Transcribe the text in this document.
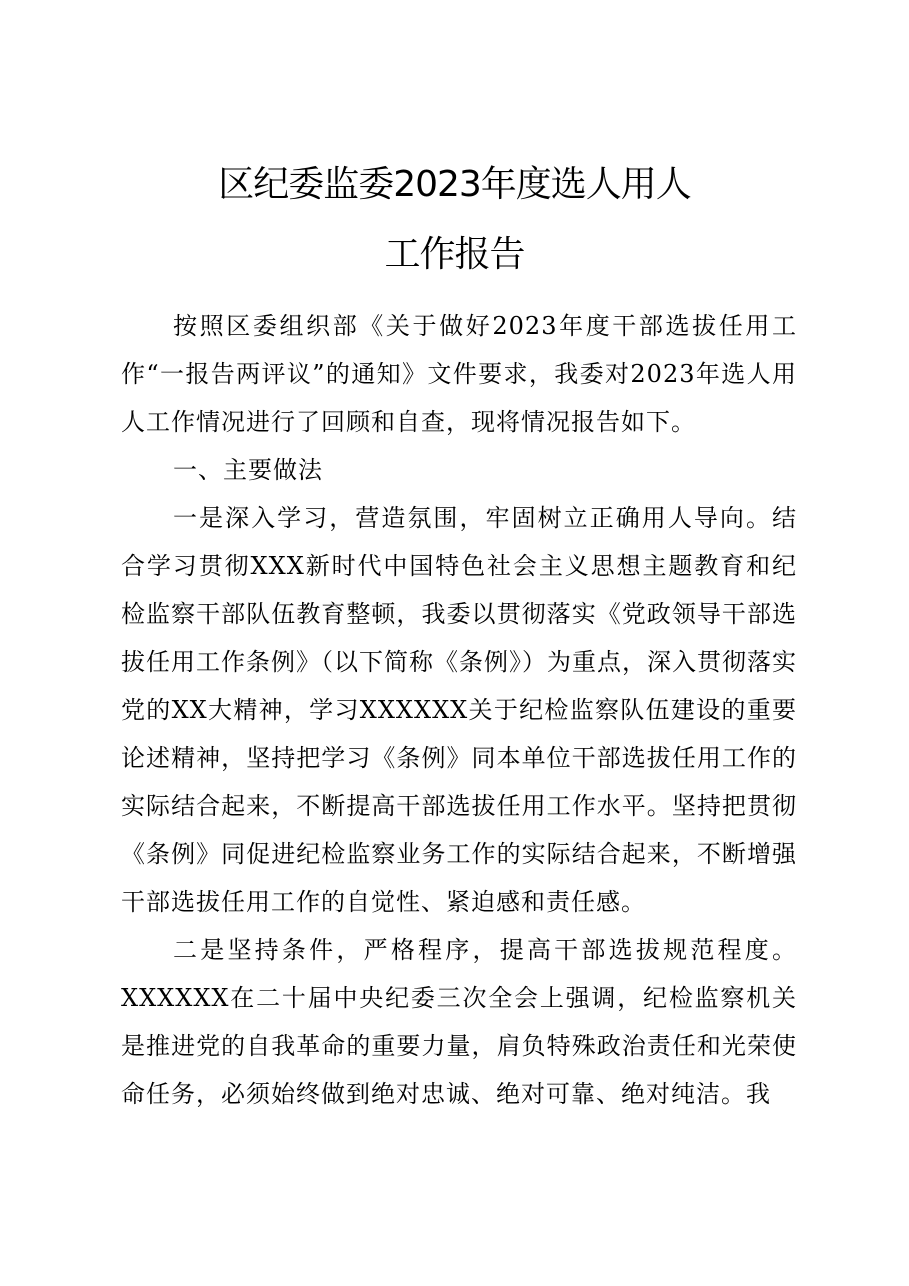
区纪委监委2023年度选人用人
工作报告

按照区委组织部《关于做好2023年度干部选拔任用工作“一报告两评议”的通知》文件要求，我委对2023年选人用人工作情况进行了回顾和自查，现将情况报告如下。

一、主要做法

一是深入学习，营造氛围，牢固树立正确用人导向。结合学习贯彻XXX新时代中国特色社会主义思想主题教育和纪检监察干部队伍教育整顿，我委以贯彻落实《党政领导干部选拔任用工作条例》（以下简称《条例》）为重点，深入贯彻落实党的XX大精神，学习XXXXXX关于纪检监察队伍建设的重要论述精神，坚持把学习《条例》同本单位干部选拔任用工作的实际结合起来，不断提高干部选拔任用工作水平。坚持把贯彻《条例》同促进纪检监察业务工作的实际结合起来，不断增强干部选拔任用工作的自觉性、紧迫感和责任感。

二是坚持条件，严格程序，提高干部选拔规范程度。XXXXXX在二十届中央纪委三次全会上强调，纪检监察机关是推进党的自我革命的重要力量，肩负特殊政治责任和光荣使命任务，必须始终做到绝对忠诚、绝对可靠、绝对纯洁。我
